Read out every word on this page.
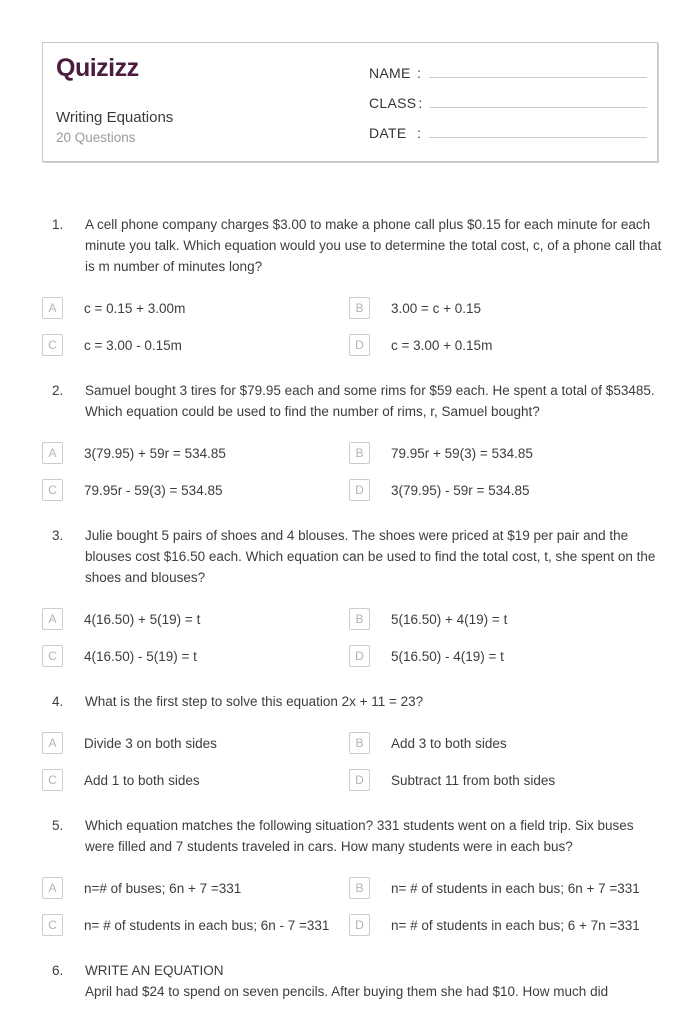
Quizizz
Writing Equations
20 Questions
NAME :
CLASS :
DATE :
1.	A cell phone company charges $3.00 to make a phone call plus $0.15 for each minute for each minute you talk. Which equation would you use to determine the total cost, c, of a phone call that is m number of minutes long?
A	c = 0.15 + 3.00m	B	3.00 = c + 0.15
C	c = 3.00 - 0.15m	D	c = 3.00 + 0.15m
2.	Samuel bought 3 tires for $79.95 each and some rims for $59 each. He spent a total of $53485. Which equation could be used to find the number of rims, r, Samuel bought?
A	3(79.95) + 59r = 534.85	B	79.95r + 59(3) = 534.85
C	79.95r - 59(3) = 534.85	D	3(79.95) - 59r = 534.85
3.	Julie bought 5 pairs of shoes and 4 blouses. The shoes were priced at $19 per pair and the blouses cost $16.50 each. Which equation can be used to find the total cost, t, she spent on the shoes and blouses?
A	4(16.50) + 5(19) = t	B	5(16.50) + 4(19) = t
C	4(16.50) - 5(19) = t	D	5(16.50) - 4(19) = t
4.	What is the first step to solve this equation 2x + 11 = 23?
A	Divide 3 on both sides	B	Add 3 to both sides
C	Add 1 to both sides	D	Subtract 11 from both sides
5.	Which equation matches the following situation? 331 students went on a field trip. Six buses were filled and 7 students traveled in cars. How many students were in each bus?
A	n=# of buses; 6n + 7 =331	B	n= # of students in each bus; 6n + 7 =331
C	n= # of students in each bus; 6n - 7 =331	D	n= # of students in each bus; 6 + 7n =331
6.	WRITE AN EQUATION
April had $24 to spend on seven pencils. After buying them she had $10. How much did
